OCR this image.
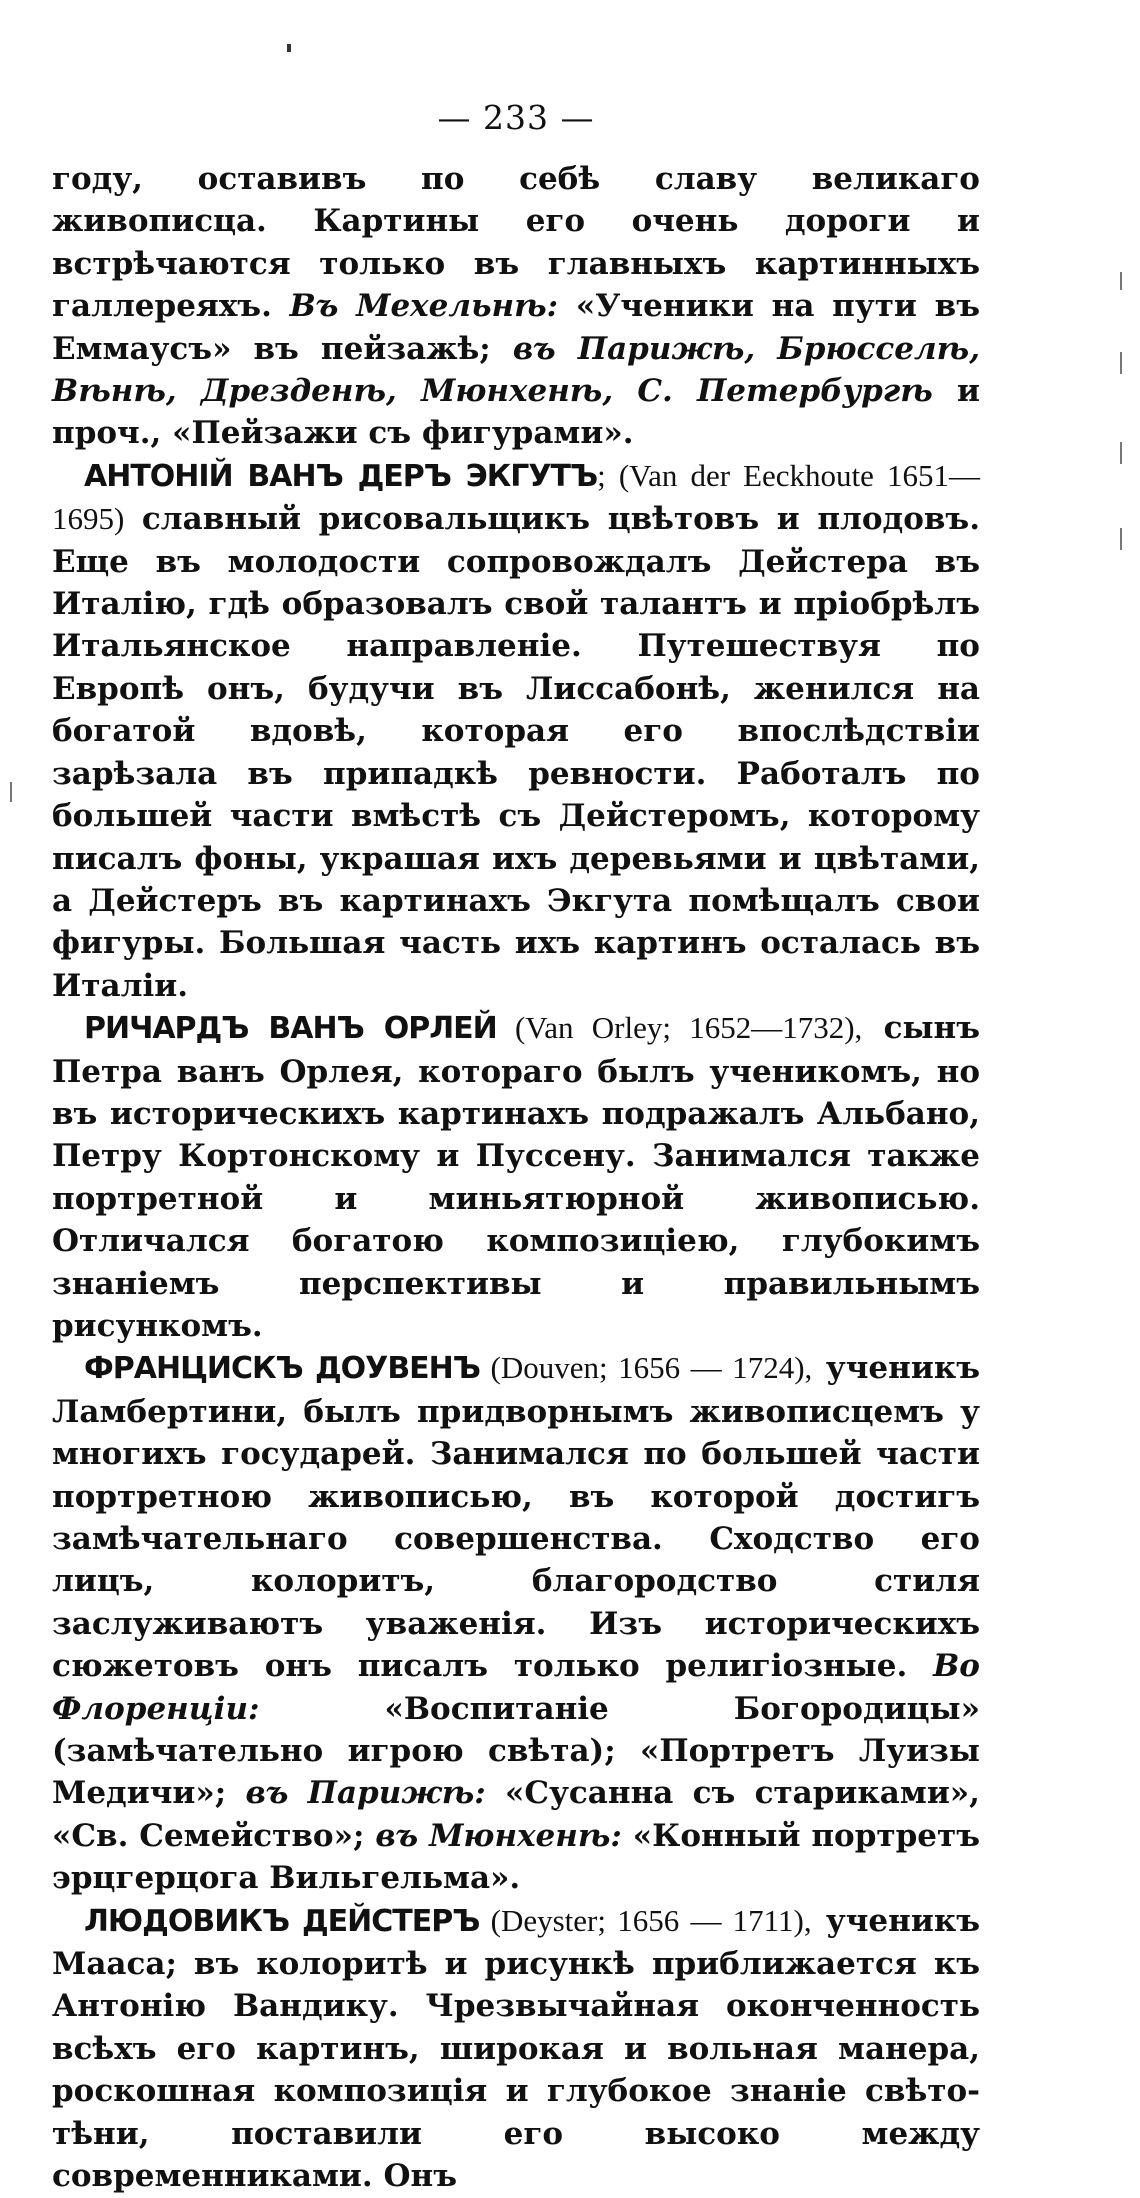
— 233 —

году, оставивъ по себѣ славу великаго живописца. Картины его очень дороги и встрѣчаются только въ главныхъ картинныхъ галлереяхъ. Въ Мехельнѣ: «Ученики на пути въ Еммаусъ» въ пейзажѣ; въ Парижѣ, Брюсселѣ, Вѣнѣ, Дрезденѣ, Мюнхенѣ, С. Петербургѣ и проч., «Пейзажи съ фигурами».

АНТОНІЙ ВАНЪ ДЕРЪ ЭКГУТЪ; (Van der Eeckhoute 1651—1695) славный рисовальщикъ цвѣтовъ и плодовъ. Еще въ молодости сопровождалъ Дейстера въ Италію, гдѣ образовалъ свой талантъ и пріобрѣлъ Итальянское направленіе. Путешествуя по Европѣ онъ, будучи въ Лиссабонѣ, женился на богатой вдовѣ, которая его впослѣдствіи зарѣзала въ припадкѣ ревности. Работалъ по большей части вмѣстѣ съ Дейстеромъ, которому писалъ фоны, украшая ихъ деревьями и цвѣтами, а Дейстеръ въ картинахъ Экгута помѣщалъ свои фигуры. Большая часть ихъ картинъ осталась въ Италіи.

РИЧАРДЪ ВАНЪ ОРЛЕЙ (Van Orley; 1652—1732), сынъ Петра ванъ Орлея, котораго былъ ученикомъ, но въ историческихъ картинахъ подражалъ Альбано, Петру Кортонскому и Пуссену. Занимался также портретной и миньятюрной живописью. Отличался богатою композиціею, глубокимъ знаніемъ перспективы и правильнымъ рисункомъ.

ФРАНЦИСКЪ ДОУВЕНЪ (Douven; 1656 — 1724), ученикъ Ламбертини, былъ придворнымъ живописцемъ у многихъ государей. Занимался по большей части портретною живописью, въ которой достигъ замѣчательнаго совершенства. Сходство его лицъ, колоритъ, благородство стиля заслуживаютъ уваженія. Изъ историческихъ сюжетовъ онъ писалъ только религіозные. Во Флоренціи: «Воспитаніе Богородицы» (замѣчательно игрою свѣта); «Портретъ Луизы Медичи»; въ Парижѣ: «Сусанна съ стариками», «Св. Семейство»; въ Мюнхенѣ: «Конный портретъ эрцгерцога Вильгельма».

ЛЮДОВИКЪ ДЕЙСТЕРЪ (Deyster; 1656 — 1711), ученикъ Мааса; въ колоритѣ и рисункѣ приближается къ Антонію Вандику. Чрезвычайная оконченность всѣхъ его картинъ, широкая и вольная манера, роскошная композиція и глубокое знаніе свѣто-тѣни, поставили его высоко между современниками. Онъ
